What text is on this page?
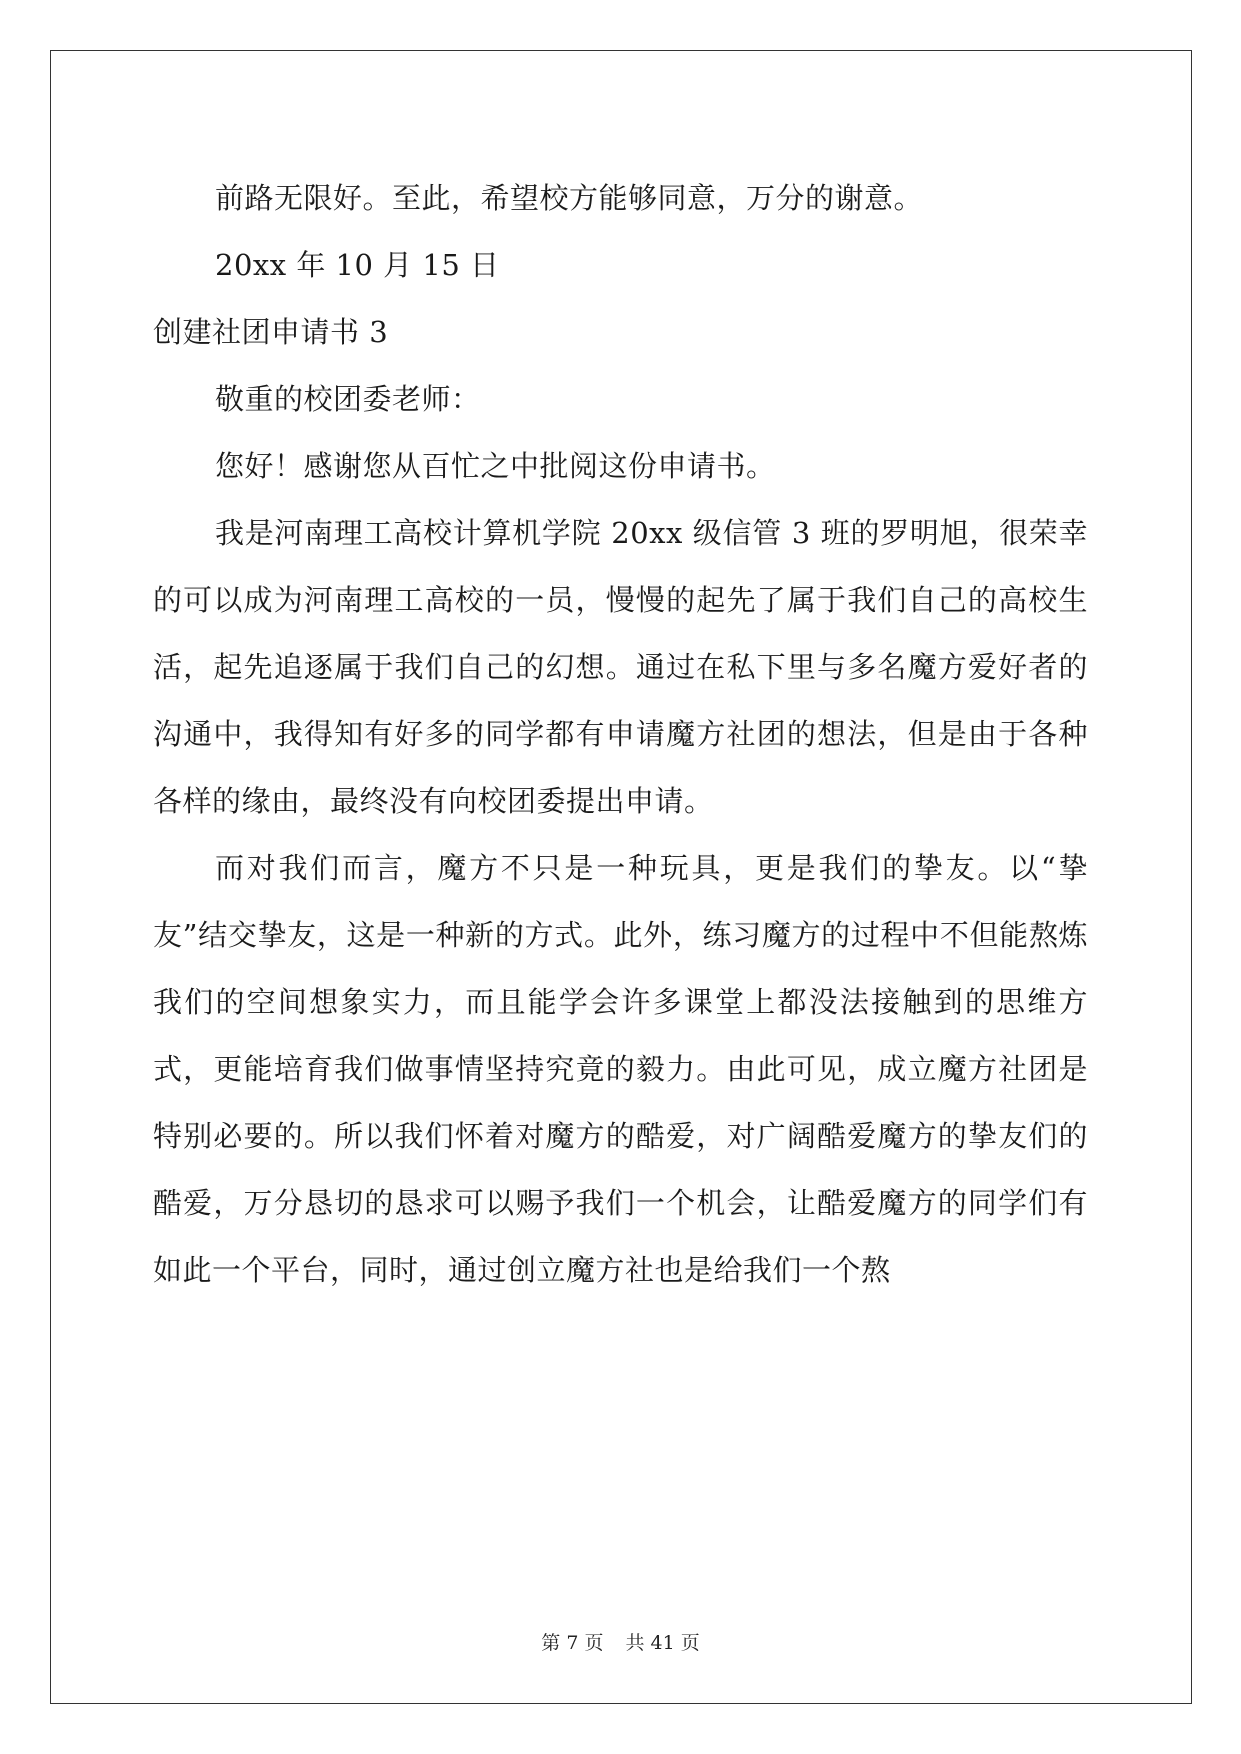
前路无限好。至此，希望校方能够同意，万分的谢意。

20xx 年 10 月 15 日

创建社团申请书 3

敬重的校团委老师：

您好！感谢您从百忙之中批阅这份申请书。

我是河南理工高校计算机学院 20xx 级信管 3 班的罗明旭，很荣幸的可以成为河南理工高校的一员，慢慢的起先了属于我们自己的高校生活，起先追逐属于我们自己的幻想。通过在私下里与多名魔方爱好者的沟通中，我得知有好多的同学都有申请魔方社团的想法，但是由于各种各样的缘由，最终没有向校团委提出申请。

而对我们而言，魔方不只是一种玩具，更是我们的挚友。以“挚友”结交挚友，这是一种新的方式。此外，练习魔方的过程中不但能熬炼我们的空间想象实力，而且能学会许多课堂上都没法接触到的思维方式，更能培育我们做事情坚持究竟的毅力。由此可见，成立魔方社团是特别必要的。所以我们怀着对魔方的酷爱，对广阔酷爱魔方的挚友们的酷爱，万分恳切的恳求可以赐予我们一个机会，让酷爱魔方的同学们有如此一个平台，同时，通过创立魔方社也是给我们一个熬

第 7 页 共 41 页
